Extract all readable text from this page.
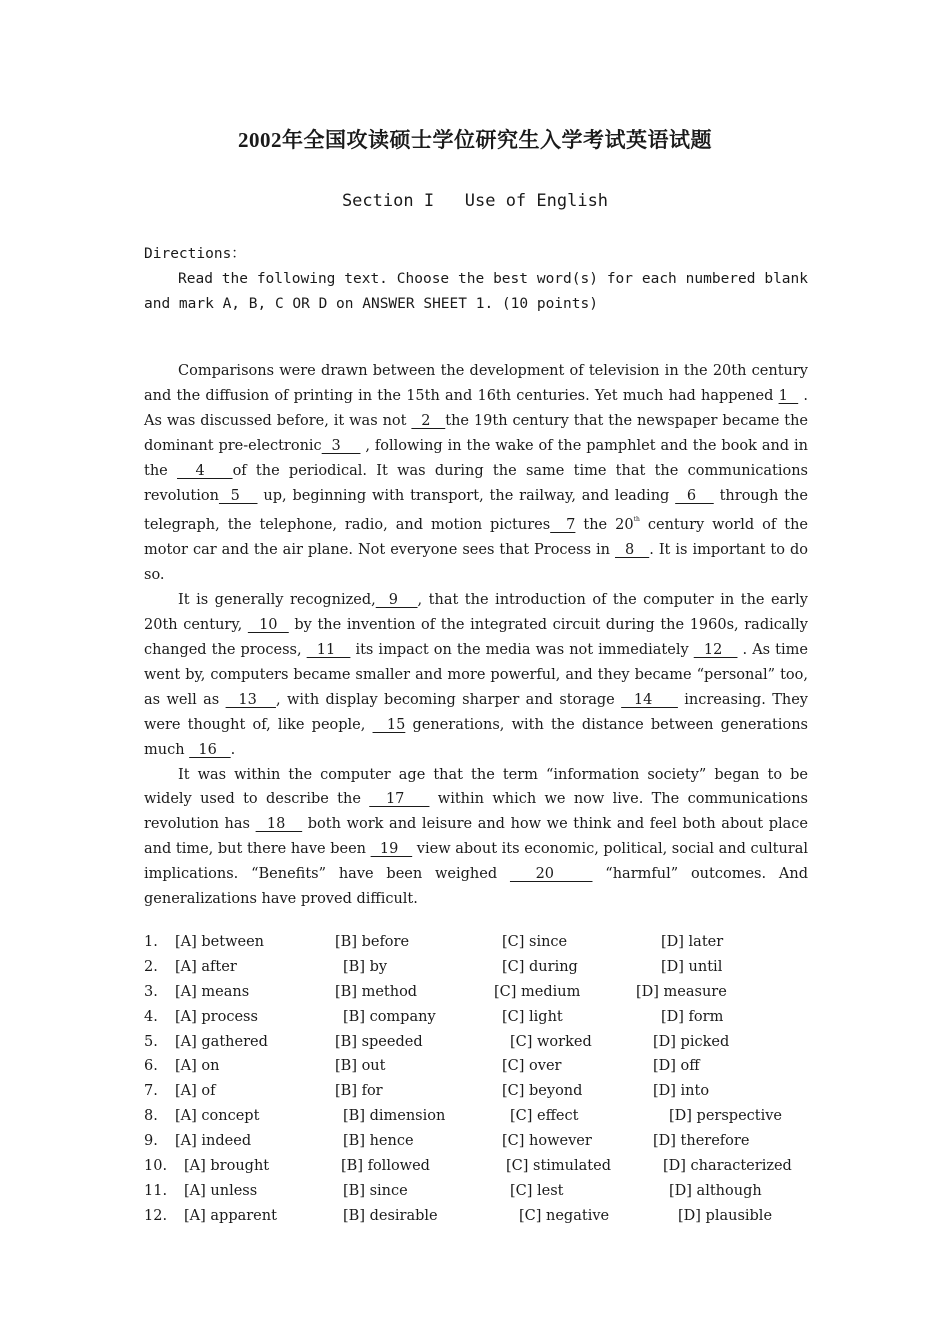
2002年全国攻读硕士学位研究生入学考试英语试题
Section I   Use of English
Directions：
Read the following text. Choose the best word(s) for each numbered blank and mark A, B, C OR D on ANSWER SHEET 1. (10 points)

Comparisons were drawn between the development of television in the 20th century and the diffusion of printing in the 15th and 16th centuries. Yet much had happened 1   . As was discussed before, it was not   2   the 19th century that the newspaper became the dominant pre-electronic  3     , following in the wake of the pamphlet and the book and in the   4   of the periodical. It was during the same time that the communications revolution  5    up, beginning with transport, the railway, and leading   6    through the telegraph, the telephone, radio, and motion pictures  7 the 20th century world of the motor car and the air plane. Not everyone sees that Process in   8   . It is important to do so.

It is generally recognized,  9   , that the introduction of the computer in the early 20th century,   10   by the invention of the integrated circuit during the 1960s, radically changed the process,   11    its impact on the media was not immediately   12    . As time went by, computers became smaller and more powerful, and they became “personal” too, as well as   13   , with display becoming sharper and storage   14     increasing. They were thought of, like people,   15 generations, with the distance between generations much   16   .

It was within the computer age that the term “information society” began to be widely used to describe the   17    within which we now live. The communications revolution has   18    both work and leisure and how we think and feel both about place and time, but there have been   19    view about its economic, political, social and cultural implications. “Benefits” have been weighed   20    “harmful” outcomes. And generalizations have proved difficult.

1. [A] between	[B] before	[C] since	[D] later
2. [A] after	[B] by	[C] during	[D] until
3. [A] means	[B] method	[C] medium	[D] measure
4. [A] process	[B] company	[C] light	[D] form
5. [A] gathered	[B] speeded	[C] worked	[D] picked
6. [A] on	[B] out	[C] over	[D] off
7. [A] of	[B] for	[C] beyond	[D] into
8. [A] concept	[B] dimension	[C] effect	[D] perspective
9. [A] indeed	[B] hence	[C] however	[D] therefore
10. [A] brought	[B] followed	[C] stimulated	[D] characterized
11. [A] unless	[B] since	[C] lest	[D] although
12. [A] apparent	[B] desirable	[C] negative	[D] plausible
